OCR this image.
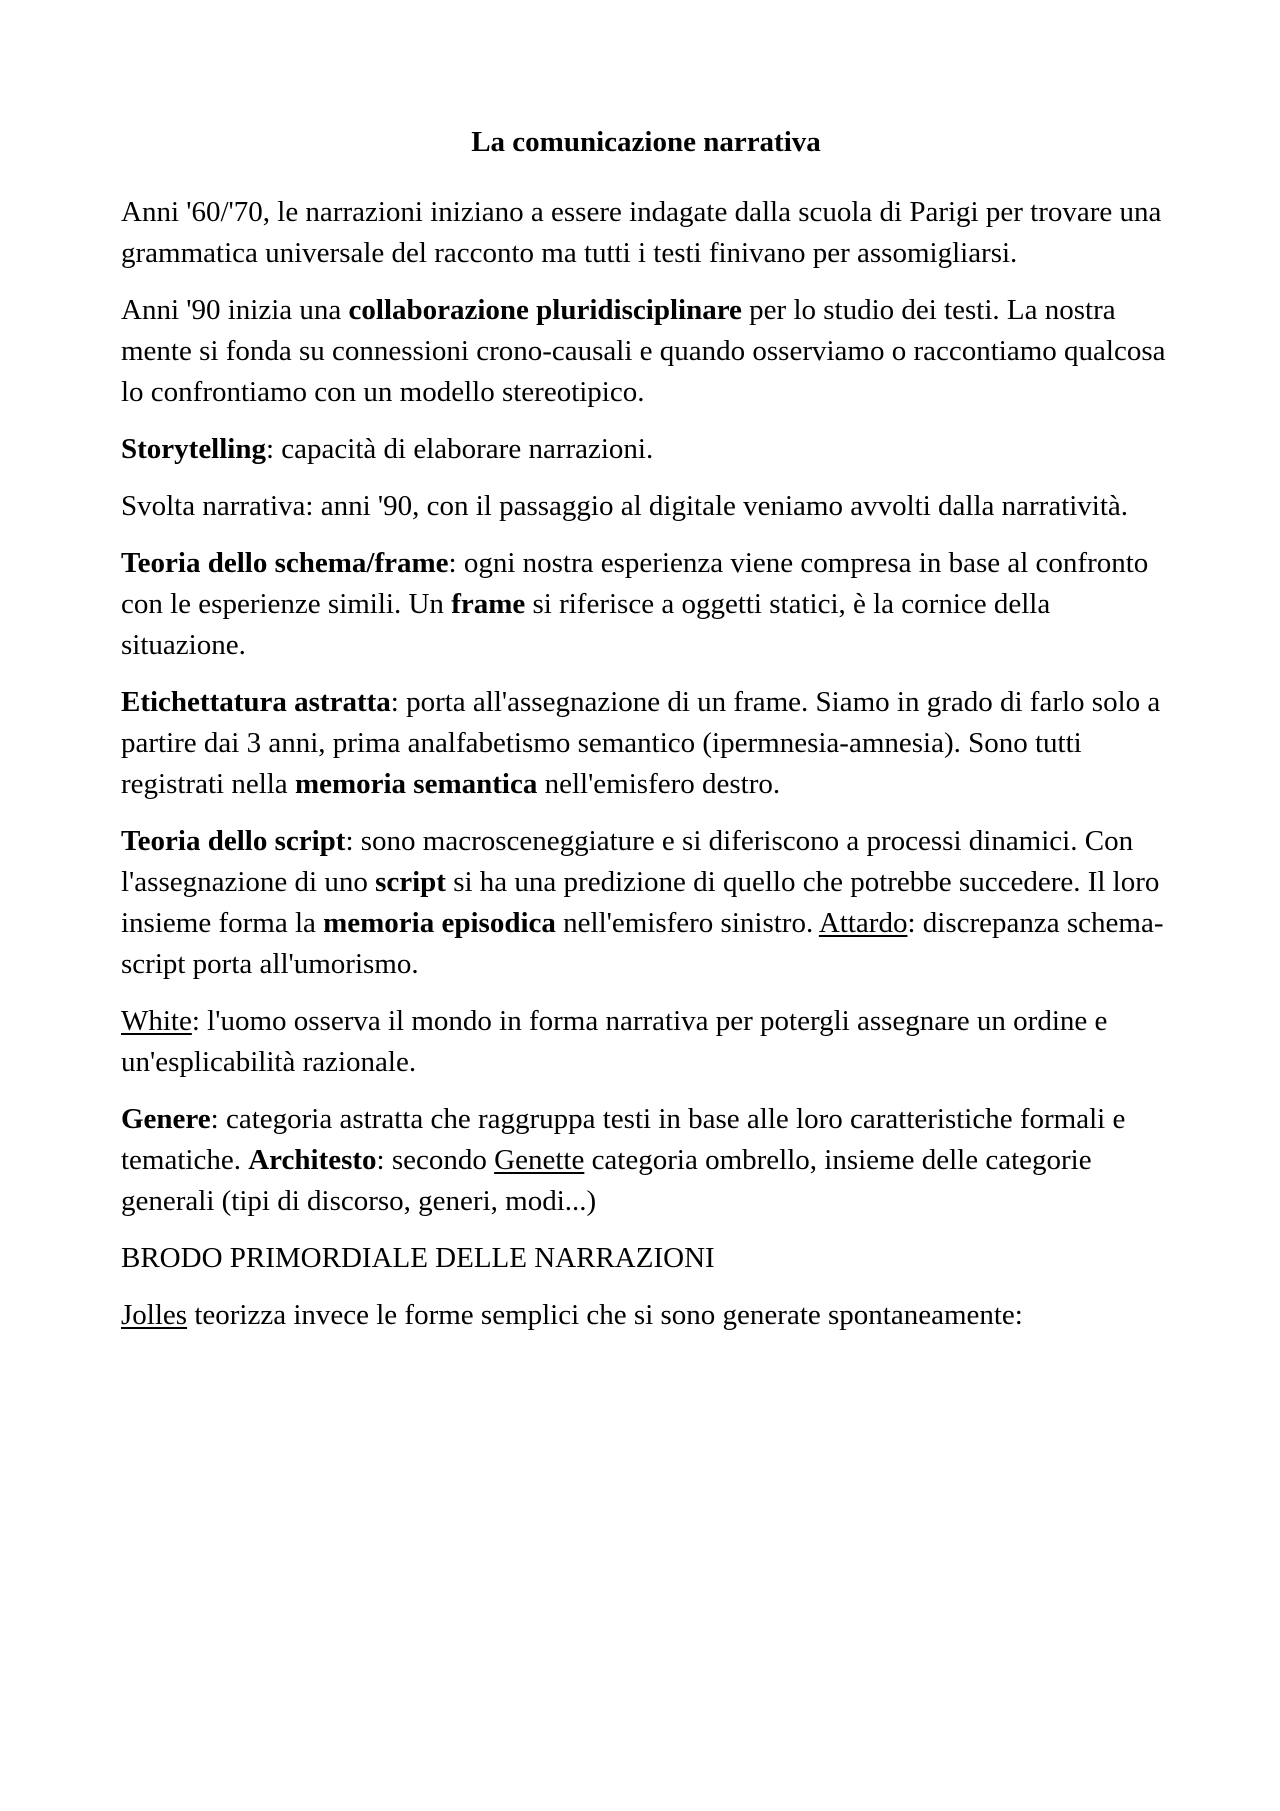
La comunicazione narrativa

Anni '60/'70, le narrazioni iniziano a essere indagate dalla scuola di Parigi per trovare una grammatica universale del racconto ma tutti i testi finivano per assomigliarsi.

Anni '90 inizia una collaborazione pluridisciplinare per lo studio dei testi. La nostra mente si fonda su connessioni crono-causali e quando osserviamo o raccontiamo qualcosa lo confrontiamo con un modello stereotipico.

Storytelling: capacità di elaborare narrazioni.

Svolta narrativa: anni '90, con il passaggio al digitale veniamo avvolti dalla narratività.

Teoria dello schema/frame: ogni nostra esperienza viene compresa in base al confronto con le esperienze simili. Un frame si riferisce a oggetti statici, è la cornice della situazione.

Etichettatura astratta: porta all'assegnazione di un frame. Siamo in grado di farlo solo a partire dai 3 anni, prima analfabetismo semantico (ipermnesia-amnesia). Sono tutti registrati nella memoria semantica nell'emisfero destro.

Teoria dello script: sono macrosceneggiature e si diferiscono a processi dinamici. Con l'assegnazione di uno script si ha una predizione di quello che potrebbe succedere. Il loro insieme forma la memoria episodica nell'emisfero sinistro. Attardo: discrepanza schema-script porta all'umorismo.

White: l'uomo osserva il mondo in forma narrativa per potergli assegnare un ordine e un'esplicabilità razionale.

Genere: categoria astratta che raggruppa testi in base alle loro caratteristiche formali e tematiche. Architesto: secondo Genette categoria ombrello, insieme delle categorie generali (tipi di discorso, generi, modi...)

BRODO PRIMORDIALE DELLE NARRAZIONI

Jolles teorizza invece le forme semplici che si sono generate spontaneamente:
